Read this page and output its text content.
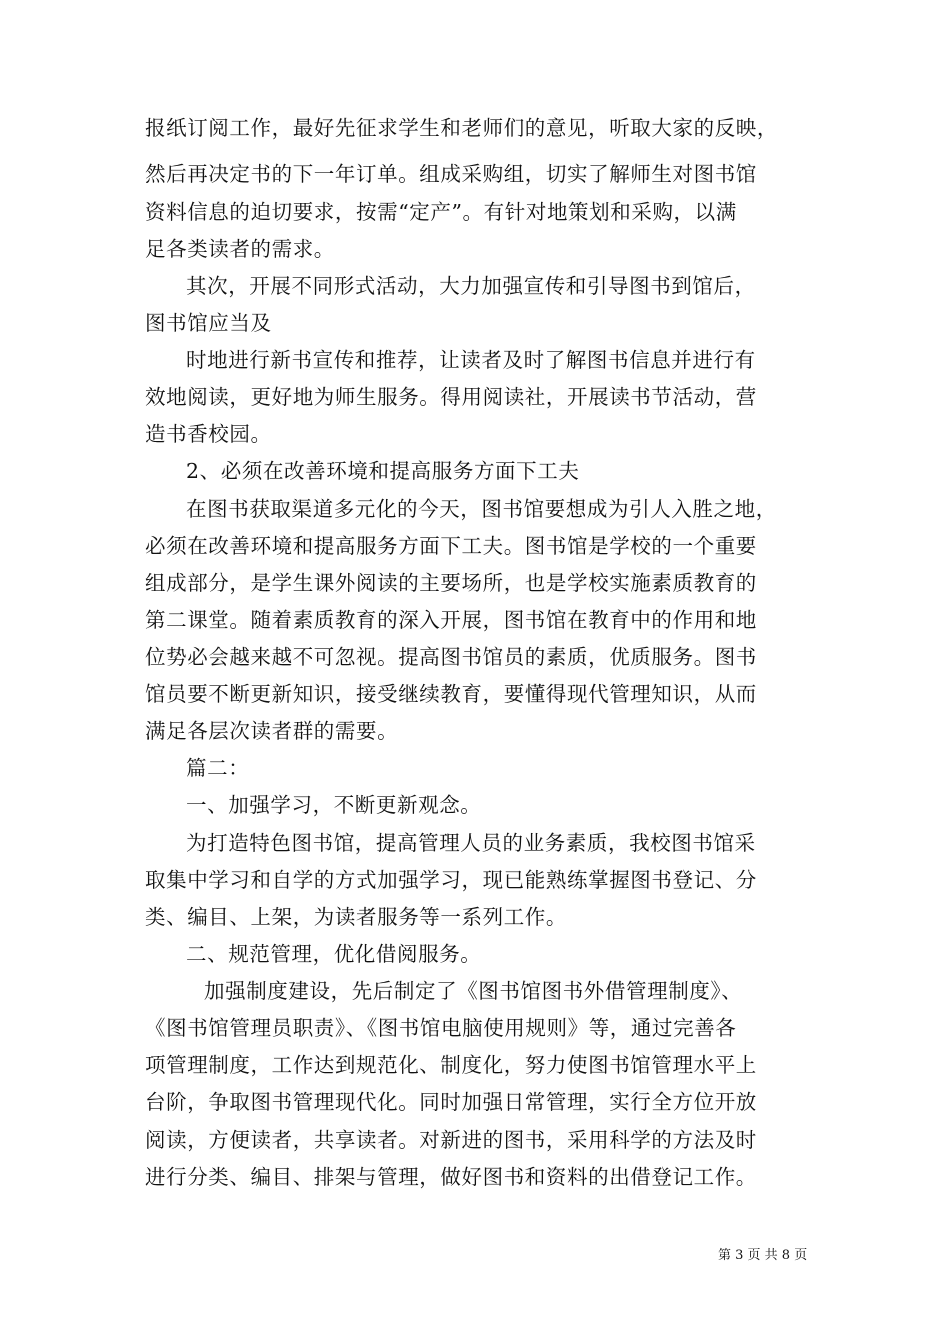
报纸订阅工作，最好先征求学生和老师们的意见，听取大家的反映，
然后再决定书的下一年订单。组成采购组，切实了解师生对图书馆
资料信息的迫切要求，按需“定产”。有针对地策划和采购，以满
足各类读者的需求。
其次，开展不同形式活动，大力加强宣传和引导图书到馆后，
图书馆应当及
时地进行新书宣传和推荐，让读者及时了解图书信息并进行有
效地阅读，更好地为师生服务。得用阅读社，开展读书节活动，营
造书香校园。
2、必须在改善环境和提高服务方面下工夫
在图书获取渠道多元化的今天，图书馆要想成为引人入胜之地，
必须在改善环境和提高服务方面下工夫。图书馆是学校的一个重要
组成部分，是学生课外阅读的主要场所，也是学校实施素质教育的
第二课堂。随着素质教育的深入开展，图书馆在教育中的作用和地
位势必会越来越不可忽视。提高图书馆员的素质，优质服务。图书
馆员要不断更新知识，接受继续教育，要懂得现代管理知识，从而
满足各层次读者群的需要。
篇二：
一、加强学习，不断更新观念。
为打造特色图书馆，提高管理人员的业务素质，我校图书馆采
取集中学习和自学的方式加强学习，现已能熟练掌握图书登记、分
类、编目、上架，为读者服务等一系列工作。
二、规范管理，优化借阅服务。
加强制度建设，先后制定了《图书馆图书外借管理制度》、
《图书馆管理员职责》、《图书馆电脑使用规则》等，通过完善各
项管理制度，工作达到规范化、制度化，努力使图书馆管理水平上
台阶，争取图书管理现代化。同时加强日常管理，实行全方位开放
阅读，方便读者，共享读者。对新进的图书，采用科学的方法及时
进行分类、编目、排架与管理，做好图书和资料的出借登记工作。
第 3 页 共 8 页
